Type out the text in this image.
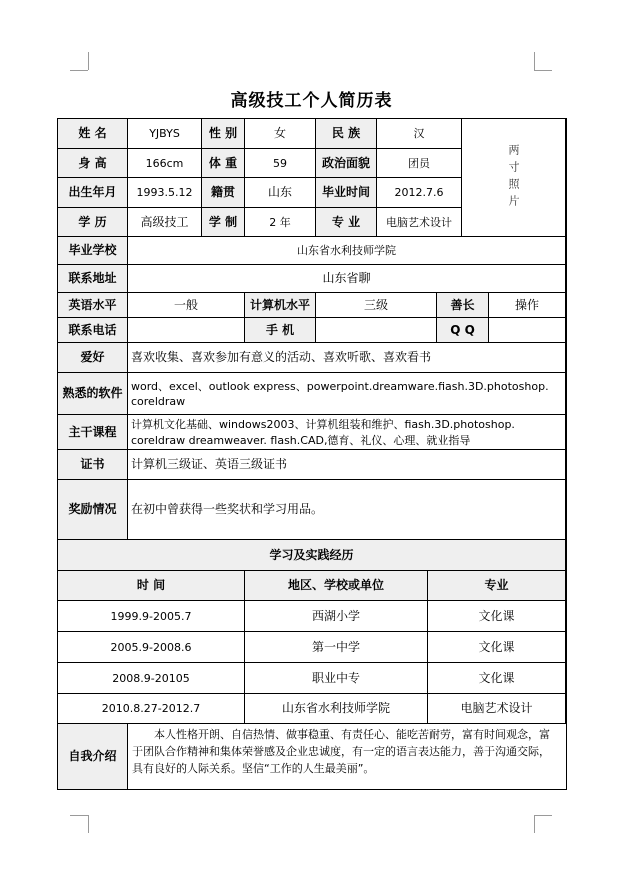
高级技工个人简历表
姓 名	YJBYS	性 别	女	民 族	汉
两寸照片
身 高	166cm	体 重	59	政治面貌	团员
出生年月	1993.5.12	籍贯	山东	毕业时间	2012.7.6
学 历	高级技工	学 制	2 年	专 业	电脑艺术设计
毕业学校	山东省水利技师学院
联系地址	山东省聊
英语水平	一般	计算机水平	三级	善长	操作
联系电话	手 机	Q Q
爱好	喜欢收集、喜欢参加有意义的活动、喜欢听歌、喜欢看书
熟悉的软件 word、excel、outlook express、powerpoint.dreamware.fiash.3D.photoshop. coreldraw
主干课程	计算机文化基础、windows2003、计算机组装和维护、fiash.3D.photoshop. coreldraw dreamweaver. flash.CAD,德育、礼仪、心理、就业指导
证书	计算机三级证、英语三级证书
奖励情况	在初中曾获得一些奖状和学习用品。
学习及实践经历
时 间	地区、学校或单位	专业
1999.9-2005.7	西湖小学	文化课
2005.9-2008.6	第一中学	文化课
2008.9-20105	职业中专	文化课
2010.8.27-2012.7	山东省水利技师学院	电脑艺术设计
自我介绍
本人性格开朗、自信热情、做事稳重、有责任心、能吃苦耐劳，富有时间观念，富于团队合作精神和集体荣誉感及企业忠诚度，有一定的语言表达能力，善于沟通交际，具有良好的人际关系。坚信“工作的人生最美丽”。
